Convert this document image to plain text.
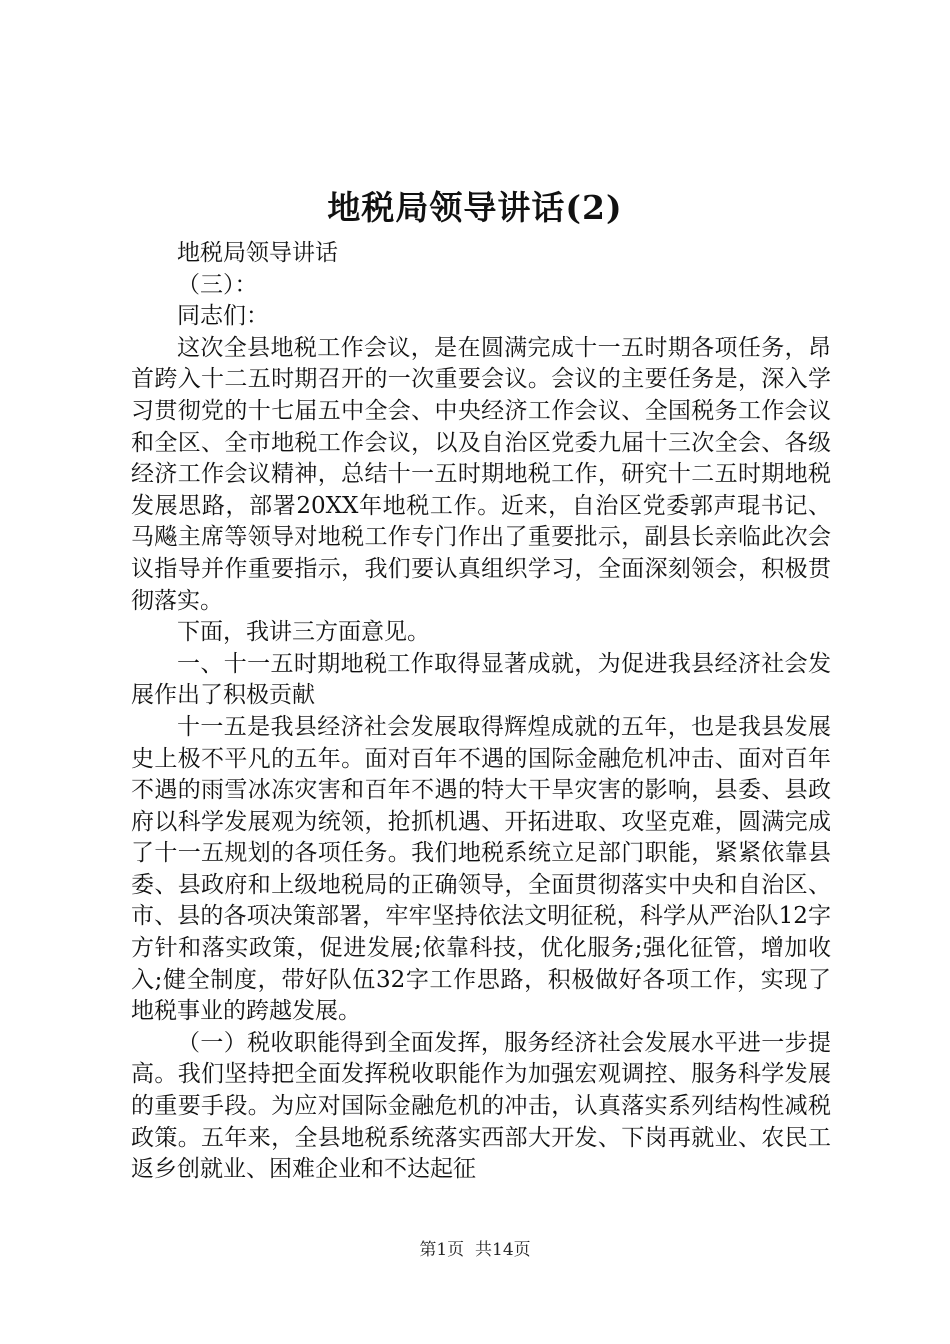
地税局领导讲话(2)

地税局领导讲话

（三）：

同志们：

这次全县地税工作会议，是在圆满完成十一五时期各项任务，昂首跨入十二五时期召开的一次重要会议。会议的主要任务是，深入学习贯彻党的十七届五中全会、中央经济工作会议、全国税务工作会议和全区、全市地税工作会议，以及自治区党委九届十三次全会、各级经济工作会议精神，总结十一五时期地税工作，研究十二五时期地税发展思路，部署20XX年地税工作。近来，自治区党委郭声琨书记、马飚主席等领导对地税工作专门作出了重要批示，副县长亲临此次会议指导并作重要指示，我们要认真组织学习，全面深刻领会，积极贯彻落实。

下面，我讲三方面意见。

一、十一五时期地税工作取得显著成就，为促进我县经济社会发展作出了积极贡献

十一五是我县经济社会发展取得辉煌成就的五年，也是我县发展史上极不平凡的五年。面对百年不遇的国际金融危机冲击、面对百年不遇的雨雪冰冻灾害和百年不遇的特大干旱灾害的影响，县委、县政府以科学发展观为统领，抢抓机遇、开拓进取、攻坚克难，圆满完成了十一五规划的各项任务。我们地税系统立足部门职能，紧紧依靠县委、县政府和上级地税局的正确领导，全面贯彻落实中央和自治区、市、县的各项决策部署，牢牢坚持依法文明征税，科学从严治队12字方针和落实政策，促进发展;依靠科技，优化服务;强化征管，增加收入;健全制度，带好队伍32字工作思路，积极做好各项工作，实现了地税事业的跨越发展。

（一）税收职能得到全面发挥，服务经济社会发展水平进一步提高。我们坚持把全面发挥税收职能作为加强宏观调控、服务科学发展的重要手段。为应对国际金融危机的冲击，认真落实系列结构性减税政策。五年来，全县地税系统落实西部大开发、下岗再就业、农民工返乡创就业、困难企业和不达起征

第1页 共14页
